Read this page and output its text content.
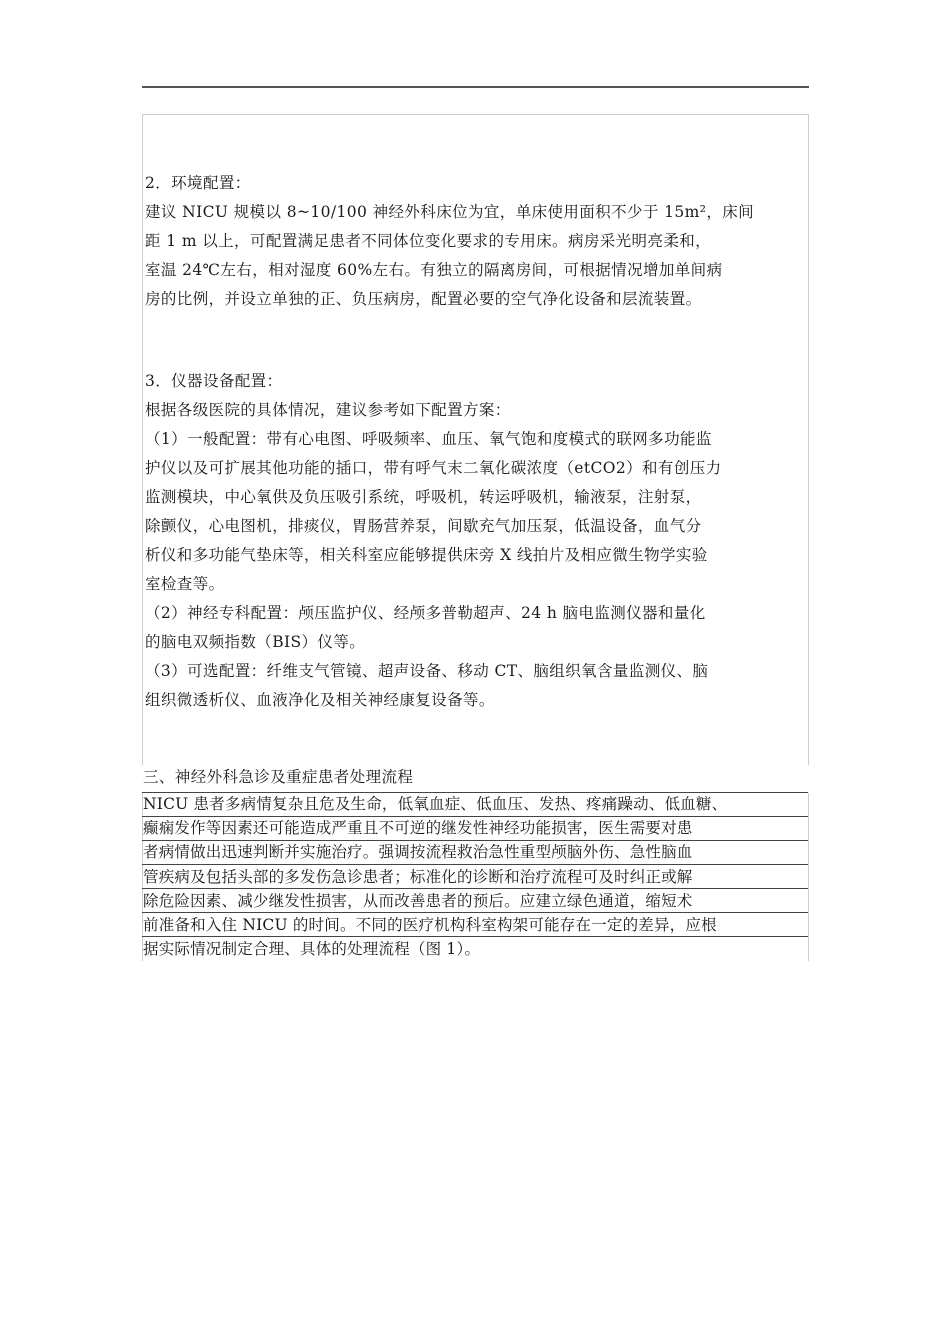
2．环境配置：
建议 NICU 规模以 8~10/100 神经外科床位为宜，单床使用面积不少于 15m²，床间
距 1 m 以上，可配置满足患者不同体位变化要求的专用床。病房采光明亮柔和，
室温 24℃左右，相对湿度 60%左右。有独立的隔离房间，可根据情况增加单间病
房的比例，并设立单独的正、负压病房，配置必要的空气净化设备和层流装置。
3．仪器设备配置：
根据各级医院的具体情况，建议参考如下配置方案：
（1）一般配置：带有心电图、呼吸频率、血压、氧气饱和度模式的联网多功能监
护仪以及可扩展其他功能的插口，带有呼气末二氧化碳浓度（etCO2）和有创压力
监测模块，中心氧供及负压吸引系统，呼吸机，转运呼吸机，输液泵，注射泵，
除颤仪，心电图机，排痰仪，胃肠营养泵，间歇充气加压泵，低温设备，血气分
析仪和多功能气垫床等，相关科室应能够提供床旁 X 线拍片及相应微生物学实验
室检查等。
（2）神经专科配置：颅压监护仪、经颅多普勒超声、24 h 脑电监测仪器和量化
的脑电双频指数（BIS）仪等。
（3）可选配置：纤维支气管镜、超声设备、移动 CT、脑组织氧含量监测仪、脑
组织微透析仪、血液净化及相关神经康复设备等。
三、神经外科急诊及重症患者处理流程
NICU 患者多病情复杂且危及生命，低氧血症、低血压、发热、疼痛躁动、低血糖、
癫痫发作等因素还可能造成严重且不可逆的继发性神经功能损害，医生需要对患
者病情做出迅速判断并实施治疗。强调按流程救治急性重型颅脑外伤、急性脑血
管疾病及包括头部的多发伤急诊患者；标准化的诊断和治疗流程可及时纠正或解
除危险因素、减少继发性损害，从而改善患者的预后。应建立绿色通道，缩短术
前准备和入住 NICU 的时间。不同的医疗机构科室构架可能存在一定的差异，应根
据实际情况制定合理、具体的处理流程（图 1）。
